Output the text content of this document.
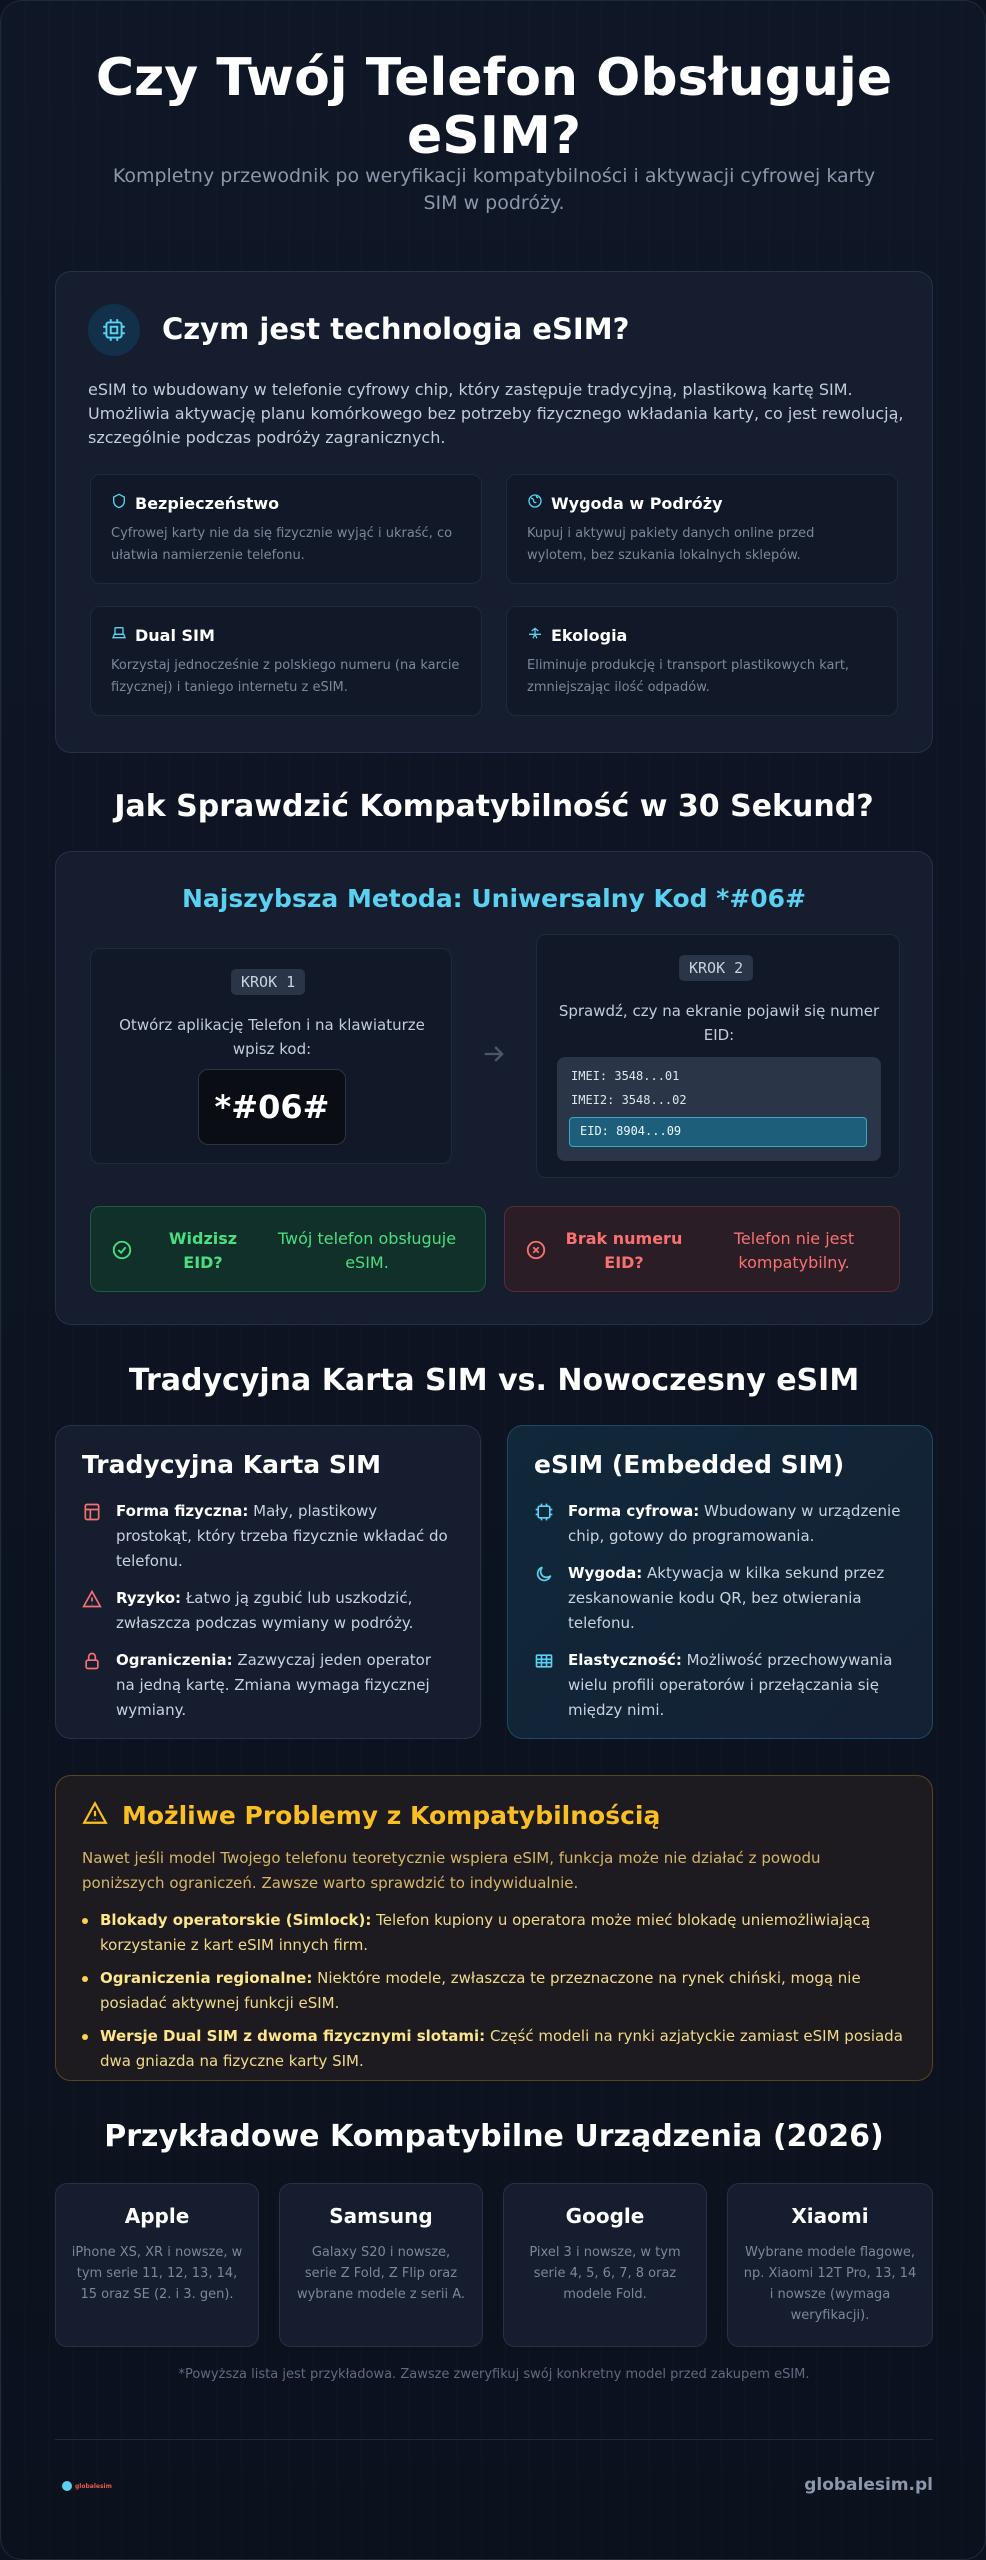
Czy Twój Telefon Obsługuje eSIM?
Kompletny przewodnik po weryfikacji kompatybilności i aktywacji cyfrowej karty SIM w podróży.
Czym jest technologia eSIM?
eSIM to wbudowany w telefonie cyfrowy chip, który zastępuje tradycyjną, plastikową kartę SIM. Umożliwia aktywację planu komórkowego bez potrzeby fizycznego wkładania karty, co jest rewolucją, szczególnie podczas podróży zagranicznych.
Bezpieczeństwo
Cyfrowej karty nie da się fizycznie wyjąć i ukraść, co ułatwia namierzenie telefonu.
Wygoda w Podróży
Kupuj i aktywuj pakiety danych online przed wylotem, bez szukania lokalnych sklepów.
Dual SIM
Korzystaj jednocześnie z polskiego numeru (na karcie fizycznej) i taniego internetu z eSIM.
Ekologia
Eliminuje produkcję i transport plastikowych kart, zmniejszając ilość odpadów.
Jak Sprawdzić Kompatybilność w 30 Sekund?
Najszybsza Metoda: Uniwersalny Kod *#06#
KROK 1
Otwórz aplikację Telefon i na klawiaturze wpisz kod:
*#06#
KROK 2
Sprawdź, czy na ekranie pojawił się numer EID:
IMEI: 3548...01
IMEI2: 3548...02
EID: 8904...09
Widzisz EID?
Twój telefon obsługuje eSIM.
Brak numeru EID?
Telefon nie jest kompatybilny.
Tradycyjna Karta SIM vs. Nowoczesny eSIM
Tradycyjna Karta SIM
Forma fizyczna: Mały, plastikowy prostokąt, który trzeba fizycznie wkładać do telefonu.
Ryzyko: Łatwo ją zgubić lub uszkodzić, zwłaszcza podczas wymiany w podróży.
Ograniczenia: Zazwyczaj jeden operator na jedną kartę. Zmiana wymaga fizycznej wymiany.
eSIM (Embedded SIM)
Forma cyfrowa: Wbudowany w urządzenie chip, gotowy do programowania.
Wygoda: Aktywacja w kilka sekund przez zeskanowanie kodu QR, bez otwierania telefonu.
Elastyczność: Możliwość przechowywania wielu profili operatorów i przełączania się między nimi.
Możliwe Problemy z Kompatybilnością
Nawet jeśli model Twojego telefonu teoretycznie wspiera eSIM, funkcja może nie działać z powodu poniższych ograniczeń. Zawsze warto sprawdzić to indywidualnie.
Blokady operatorskie (Simlock): Telefon kupiony u operatora może mieć blokadę uniemożliwiającą korzystanie z kart eSIM innych firm.
Ograniczenia regionalne: Niektóre modele, zwłaszcza te przeznaczone na rynek chiński, mogą nie posiadać aktywnej funkcji eSIM.
Wersje Dual SIM z dwoma fizycznymi slotami: Część modeli na rynki azjatyckie zamiast eSIM posiada dwa gniazda na fizyczne karty SIM.
Przykładowe Kompatybilne Urządzenia (2026)
Apple
iPhone XS, XR i nowsze, w tym serie 11, 12, 13, 14, 15 oraz SE (2. i 3. gen).
Samsung
Galaxy S20 i nowsze, serie Z Fold, Z Flip oraz wybrane modele z serii A.
Google
Pixel 3 i nowsze, w tym serie 4, 5, 6, 7, 8 oraz modele Fold.
Xiaomi
Wybrane modele flagowe, np. Xiaomi 12T Pro, 13, 14 i nowsze (wymaga weryfikacji).
*Powyższa lista jest przykładowa. Zawsze zweryfikuj swój konkretny model przed zakupem eSIM.
globalesim	globalesim.pl
